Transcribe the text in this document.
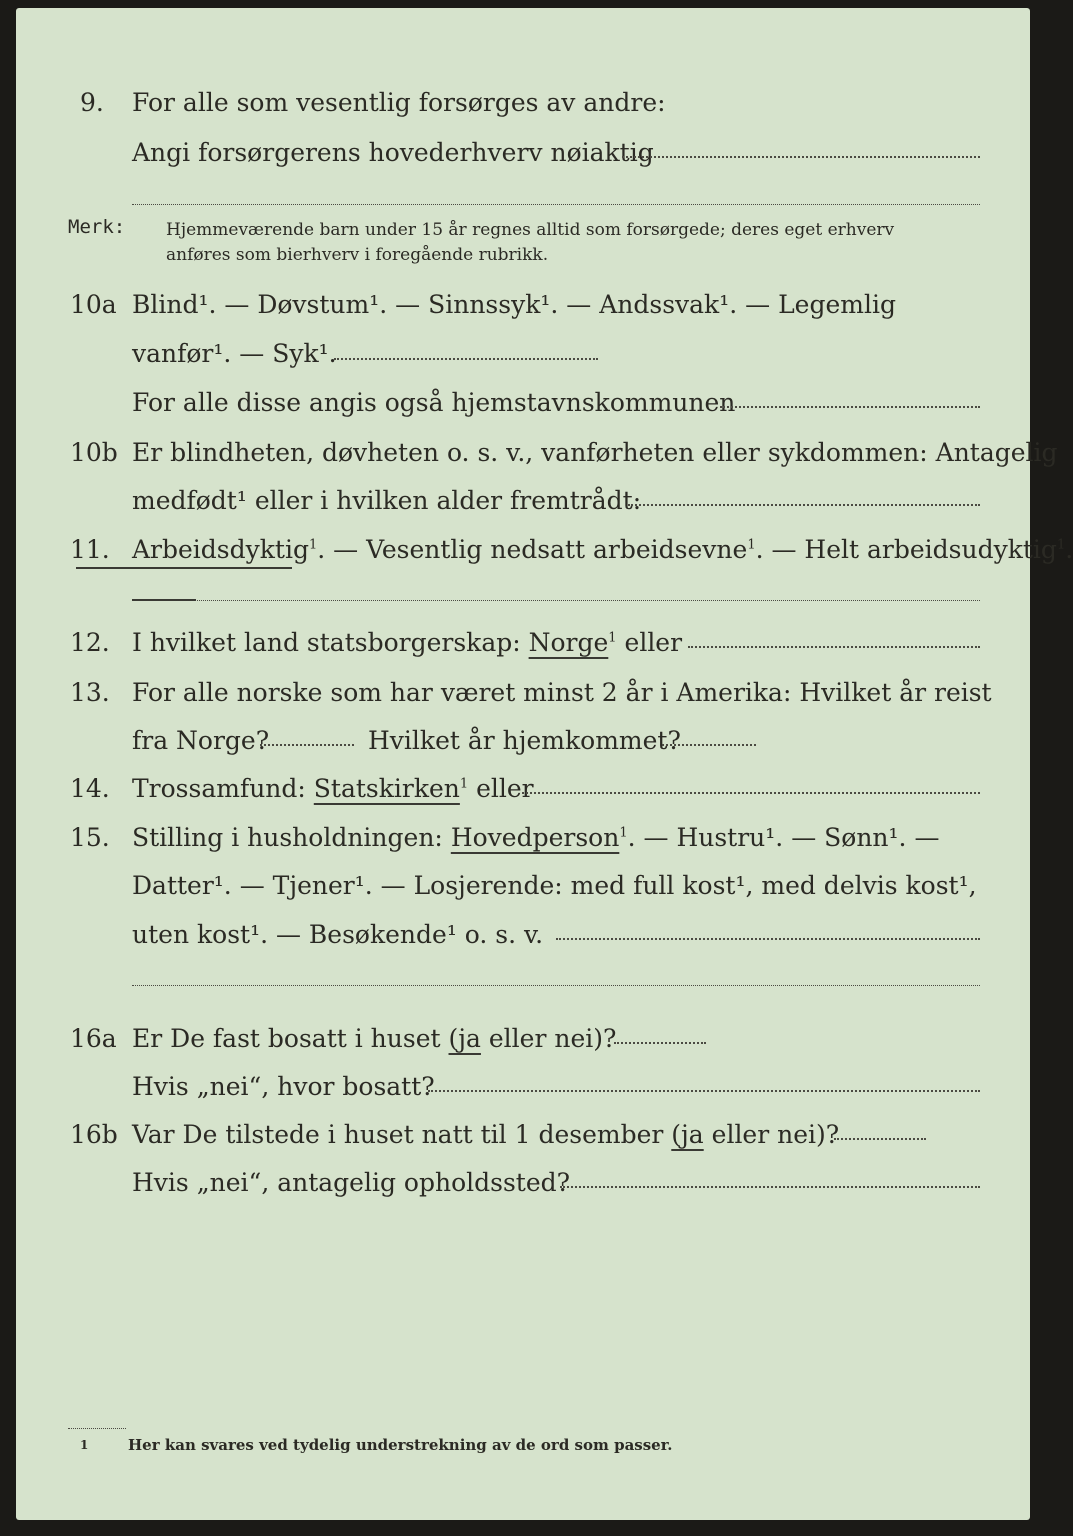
9. For alle som vesentlig forsørges av andre:
Angi forsørgerens hovederhverv nøiaktig
Merk: Hjemmeværende barn under 15 år regnes alltid som forsørgede; deres eget erhverv
anføres som bierhverv i foregående rubrikk.
10a Blind¹. — Døvstum¹. — Sinnssyk¹. — Andssvak¹. — Legemlig
vanfør¹. — Syk¹.
For alle disse angis også hjemstavnskommunen
10b Er blindheten, døvheten o. s. v., vanførheten eller sykdommen: Antagelig
medfødt¹ eller i hvilken alder fremtrådt:
11. Arbeidsdyktig$^1$. — Vesentlig nedsatt arbeidsevne$^1$. — Helt arbeidsudyktig$^1$.
12. I hvilket land statsborgerskap: Norge$^1$ eller
13. For alle norske som har været minst 2 år i Amerika: Hvilket år reist
fra Norge?	Hvilket år hjemkommet?
14. Trossamfund: Statskirken$^1$ eller
15. Stilling i husholdningen: Hovedperson$^1$. — Hustru¹. — Sønn¹. —
Datter¹. — Tjener¹. — Losjerende: med full kost¹, med delvis kost¹,
uten kost¹. — Besøkende¹ o. s. v.
16a Er De fast bosatt i huset (ja eller nei)?
Hvis „nei“, hvor bosatt?
16b Var De tilstede i huset natt til 1 desember (ja eller nei)?
Hvis „nei“, antagelig opholdssted?
1	Her kan svares ved tydelig understrekning av de ord som passer.
